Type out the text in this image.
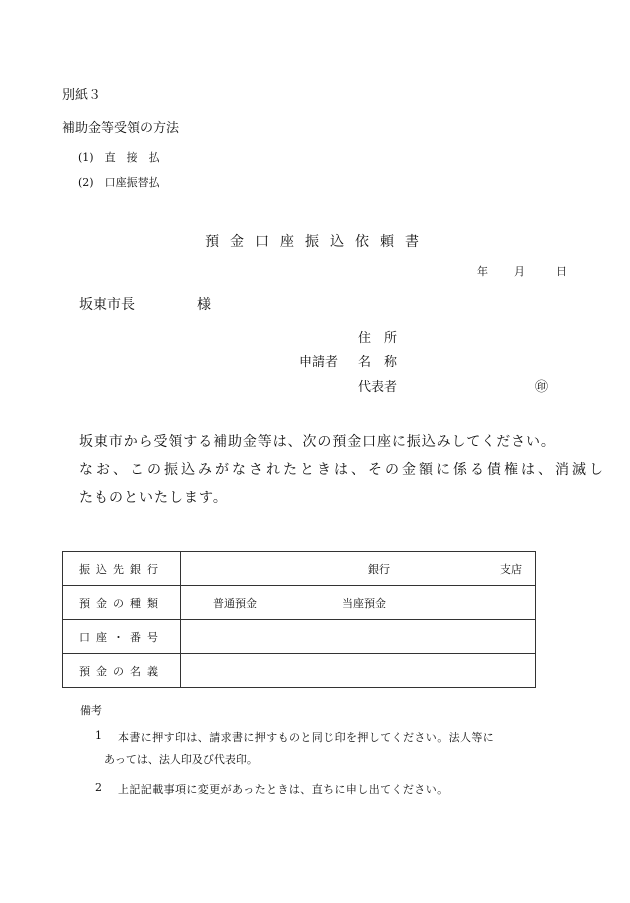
別紙３
補助金等受領の方法
(1)　直　接　払
(2)　口座振替払
預金口座振込依頼書
年 月	日
坂東市長	様
住　所
申請者 名　称
代表者	㊞
坂東市から受領する補助金等は、次の預金口座に振込みしてください。
なお、この振込みがなされたときは、その金額に係る債権は、消滅し
たものといたします。
振込先銀行	銀行 支店

預金の種類	普通預金 当座預金

口座・番号	
預金の名義	
備考
1 本書に押す印は、請求書に押すものと同じ印を押してください。法人等に
あっては、法人印及び代表印。
2 上記記載事項に変更があったときは、直ちに申し出てください。
